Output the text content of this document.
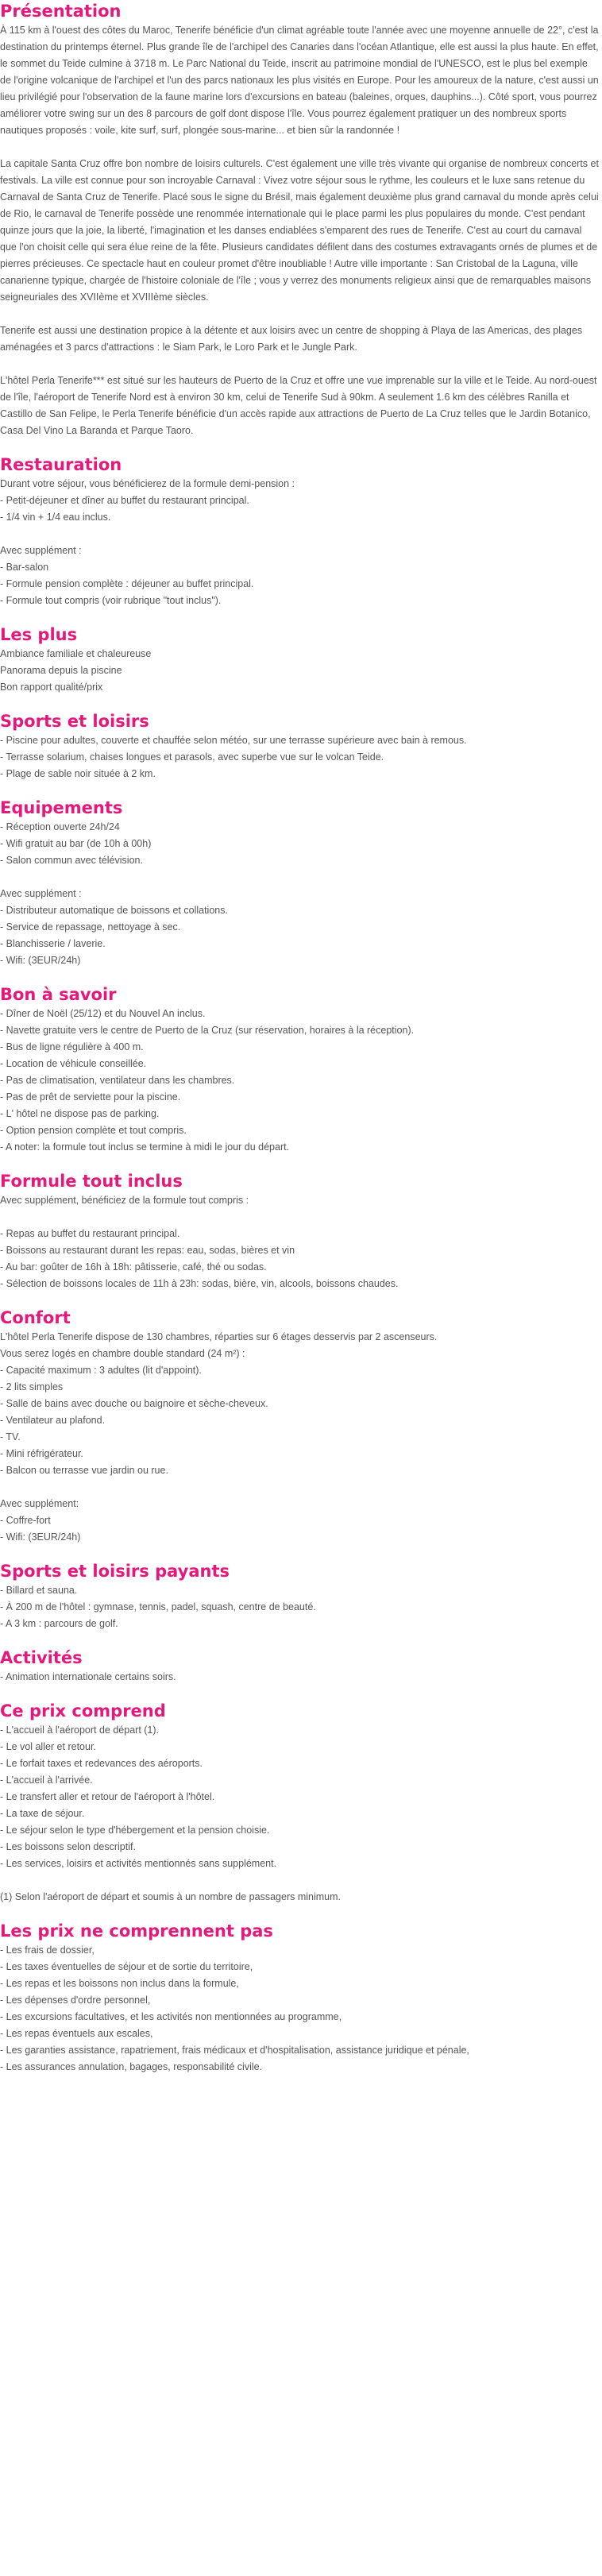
Présentation

À 115 km à l'ouest des côtes du Maroc, Tenerife bénéficie d'un climat agréable toute l'année avec une moyenne annuelle de 22°, c'est la destination du printemps éternel. Plus grande île de l'archipel des Canaries dans l'océan Atlantique, elle est aussi la plus haute. En effet, le sommet du Teide culmine à 3718 m. Le Parc National du Teide, inscrit au patrimoine mondial de l'UNESCO, est le plus bel exemple de l'origine volcanique de l'archipel et l'un des parcs nationaux les plus visités en Europe. Pour les amoureux de la nature, c'est aussi un lieu privilégié pour l'observation de la faune marine lors d'excursions en bateau (baleines, orques, dauphins...). Côté sport, vous pourrez améliorer votre swing sur un des 8 parcours de golf dont dispose l'île. Vous pourrez également pratiquer un des nombreux sports nautiques proposés : voile, kite surf, surf, plongée sous-marine... et bien sûr la randonnée !

La capitale Santa Cruz offre bon nombre de loisirs culturels. C'est également une ville très vivante qui organise de nombreux concerts et festivals. La ville est connue pour son incroyable Carnaval : Vivez votre séjour sous le rythme, les couleurs et le luxe sans retenue du Carnaval de Santa Cruz de Tenerife. Placé sous le signe du Brésil, mais également deuxième plus grand carnaval du monde après celui de Rio, le carnaval de Tenerife possède une renommée internationale qui le place parmi les plus populaires du monde. C'est pendant quinze jours que la joie, la liberté, l'imagination et les danses endiablées s'emparent des rues de Tenerife. C'est au court du carnaval que l'on choisit celle qui sera élue reine de la fête. Plusieurs candidates défilent dans des costumes extravagants ornés de plumes et de pierres précieuses. Ce spectacle haut en couleur promet d'être inoubliable ! Autre ville importante : San Cristobal de la Laguna, ville canarienne typique, chargée de l'histoire coloniale de l'île ; vous y verrez des monuments religieux ainsi que de remarquables maisons seigneuriales des XVIIème et XVIIIème siècles.

Tenerife est aussi une destination propice à la détente et aux loisirs avec un centre de shopping à Playa de las Americas, des plages aménagées et 3 parcs d'attractions : le Siam Park, le Loro Park et le Jungle Park.

L'hôtel Perla Tenerife*** est situé sur les hauteurs de Puerto de la Cruz et offre une vue imprenable sur la ville et le Teide. Au nord-ouest de l'île, l'aéroport de Tenerife Nord est à environ 30 km, celui de Tenerife Sud à 90km. A seulement 1.6 km des célèbres Ranilla et Castillo de San Felipe, le Perla Tenerife bénéficie d'un accès rapide aux attractions de Puerto de La Cruz telles que le Jardin Botanico, Casa Del Vino La Baranda et Parque Taoro.

Restauration
Durant votre séjour, vous bénéficierez de la formule demi-pension :
- Petit-déjeuner et dîner au buffet du restaurant principal.
- 1/4 vin + 1/4 eau inclus.
Avec supplément :
- Bar-salon
- Formule pension complète : déjeuner au buffet principal.
- Formule tout compris (voir rubrique "tout inclus").
Les plus
Ambiance familiale et chaleureuse
Panorama depuis la piscine
Bon rapport qualité/prix
Sports et loisirs
- Piscine pour adultes, couverte et chauffée selon météo, sur une terrasse supérieure avec bain à remous.
- Terrasse solarium, chaises longues et parasols, avec superbe vue sur le volcan Teide.
- Plage de sable noir située à 2 km.
Equipements
- Réception ouverte 24h/24
- Wifi gratuit au bar (de 10h à 00h)
- Salon commun avec télévision.
Avec supplément :
- Distributeur automatique de boissons et collations.
- Service de repassage, nettoyage à sec.
- Blanchisserie / laverie.
- Wifi: (3EUR/24h)
Bon à savoir
- Dîner de Noël (25/12) et du Nouvel An inclus.
- Navette gratuite vers le centre de Puerto de la Cruz (sur réservation, horaires à la réception).
- Bus de ligne régulière à 400 m.
- Location de véhicule conseillée.
- Pas de climatisation, ventilateur dans les chambres.
- Pas de prêt de serviette pour la piscine.
- L' hôtel ne dispose pas de parking.
- Option pension complète et tout compris.
- A noter: la formule tout inclus se termine à midi le jour du départ.
Formule tout inclus
Avec supplément, bénéficiez de la formule tout compris :
- Repas au buffet du restaurant principal.
- Boissons au restaurant durant les repas: eau, sodas, bières et vin
- Au bar: goûter de 16h à 18h: pâtisserie, café, thé ou sodas.
- Sélection de boissons locales de 11h à 23h: sodas, bière, vin, alcools, boissons chaudes.
Confort
L'hôtel Perla Tenerife dispose de 130 chambres, réparties sur 6 étages desservis par 2 ascenseurs.
Vous serez logés en chambre double standard (24 m²) :
- Capacité maximum : 3 adultes (lit d'appoint).
- 2 lits simples
- Salle de bains avec douche ou baignoire et sèche-cheveux.
- Ventilateur au plafond.
- TV.
- Mini réfrigérateur.
- Balcon ou terrasse vue jardin ou rue.
Avec supplément:
- Coffre-fort
- Wifi: (3EUR/24h)
Sports et loisirs payants
- Billard et sauna.
- À 200 m de l'hôtel : gymnase, tennis, padel, squash, centre de beauté.
- A 3 km : parcours de golf.
Activités
- Animation internationale certains soirs.
Ce prix comprend
- L'accueil à l'aéroport de départ (1).
- Le vol aller et retour.
- Le forfait taxes et redevances des aéroports.
- L'accueil à l'arrivée.
- Le transfert aller et retour de l'aéroport à l'hôtel.
- La taxe de séjour.
- Le séjour selon le type d'hébergement et la pension choisie.
- Les boissons selon descriptif.
- Les services, loisirs et activités mentionnés sans supplément.
(1) Selon l'aéroport de départ et soumis à un nombre de passagers minimum.
Les prix ne comprennent pas
- Les frais de dossier,
- Les taxes éventuelles de séjour et de sortie du territoire,
- Les repas et les boissons non inclus dans la formule,
- Les dépenses d'ordre personnel,
- Les excursions facultatives, et les activités non mentionnées au programme,
- Les repas éventuels aux escales,
- Les garanties assistance, rapatriement, frais médicaux et d'hospitalisation, assistance juridique et pénale,
- Les assurances annulation, bagages, responsabilité civile.
